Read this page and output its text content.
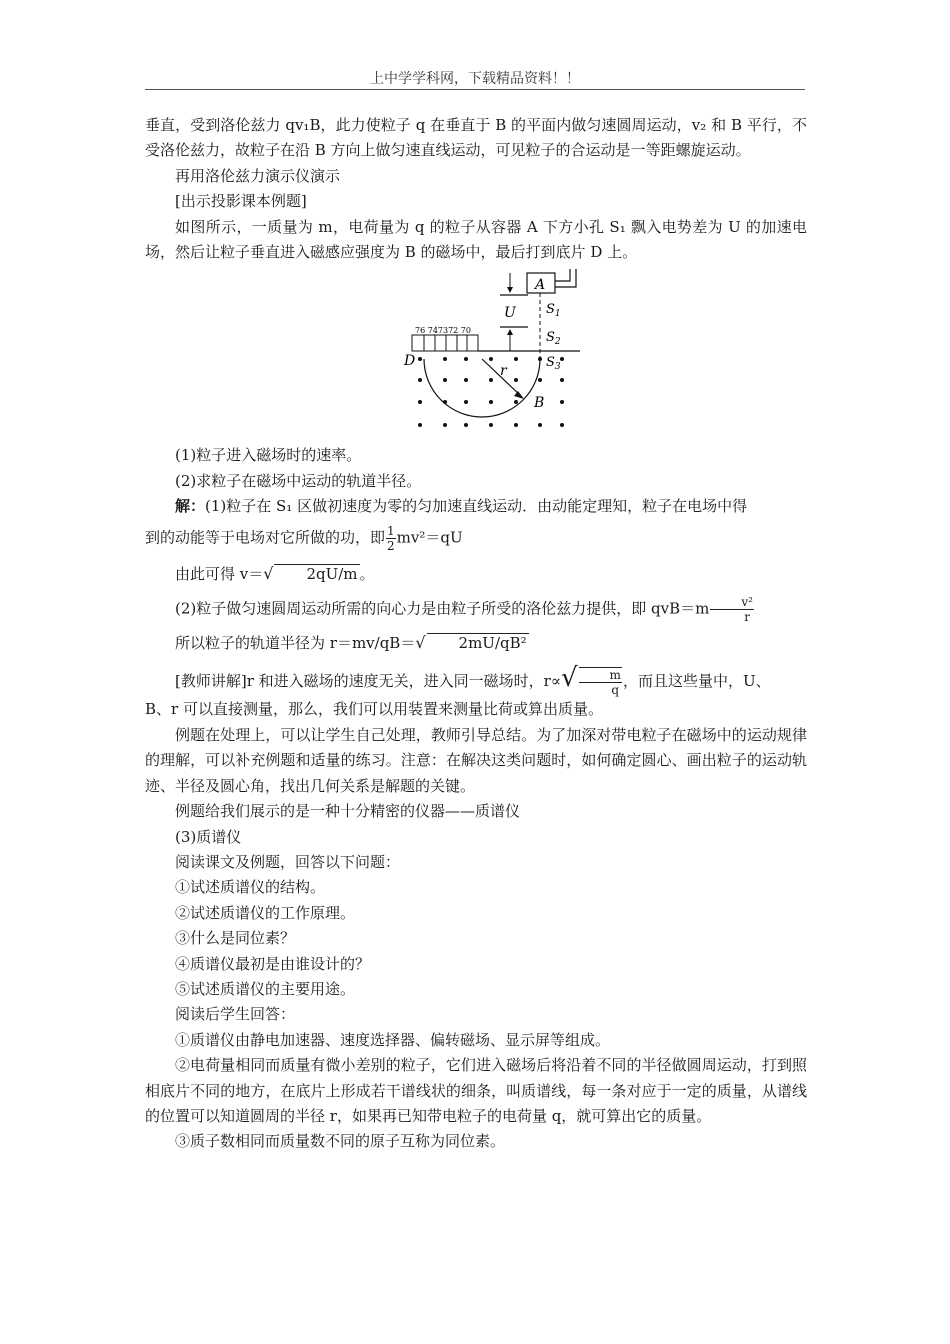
上中学学科网，下载精品资料！！

垂直，受到洛伦兹力 qv₁B，此力使粒子 q 在垂直于 B 的平面内做匀速圆周运动，v₂ 和 B 平行，不受洛伦兹力，故粒子在沿 B 方向上做匀速直线运动，可见粒子的合运动是一等距螺旋运动。

再用洛伦兹力演示仪演示

[出示投影课本例题]

如图所示，一质量为 m，电荷量为 q 的粒子从容器 A 下方小孔 S₁ 飘入电势差为 U 的加速电场，然后让粒子垂直进入磁感应强度为 B 的磁场中，最后打到底片 D 上。

A
U $S_1$
$S_2$
76 747372 70
$S_3$
D
r
B

(1)粒子进入磁场时的速率。

(2)求粒子在磁场中运动的轨道半径。

解：(1)粒子在 S₁ 区做初速度为零的匀加速直线运动．由动能定理知，粒子在电场中得

到的动能等于电场对它所做的功，即 $\frac{1}{2} mv^2=qU$

由此可得 v＝√ 2qU/m 。

(2)粒子做匀速圆周运动所需的向心力是由粒子所受的洛伦兹力提供，即 $qvB=m \frac{\text{v²}}{r}$

所以粒子的轨道半径为 r＝mv/qB＝√ 2mU/qB²

[教师讲解]r 和进入磁场的速度无关，进入同一磁场时，$r\propto√ \frac{m}{q}$ ，而且这些量中，U、

B、r 可以直接测量，那么，我们可以用装置来测量比荷或算出质量。

例题在处理上，可以让学生自己处理，教师引导总结。为了加深对带电粒子在磁场中的运动规律的理解，可以补充例题和适量的练习。注意：在解决这类问题时，如何确定圆心、画出粒子的运动轨迹、半径及圆心角，找出几何关系是解题的关键。

例题给我们展示的是一种十分精密的仪器——质谱仪

(3)质谱仪

阅读课文及例题，回答以下问题：

①试述质谱仪的结构。

②试述质谱仪的工作原理。

③什么是同位素？

④质谱仪最初是由谁设计的？

⑤试述质谱仪的主要用途。

阅读后学生回答：

①质谱仪由静电加速器、速度选择器、偏转磁场、显示屏等组成。

②电荷量相同而质量有微小差别的粒子，它们进入磁场后将沿着不同的半径做圆周运动，打到照相底片不同的地方，在底片上形成若干谱线状的细条，叫质谱线，每一条对应于一定的质量，从谱线的位置可以知道圆周的半径 r，如果再已知带电粒子的电荷量 q，就可算出它的质量。

③质子数相同而质量数不同的原子互称为同位素。
